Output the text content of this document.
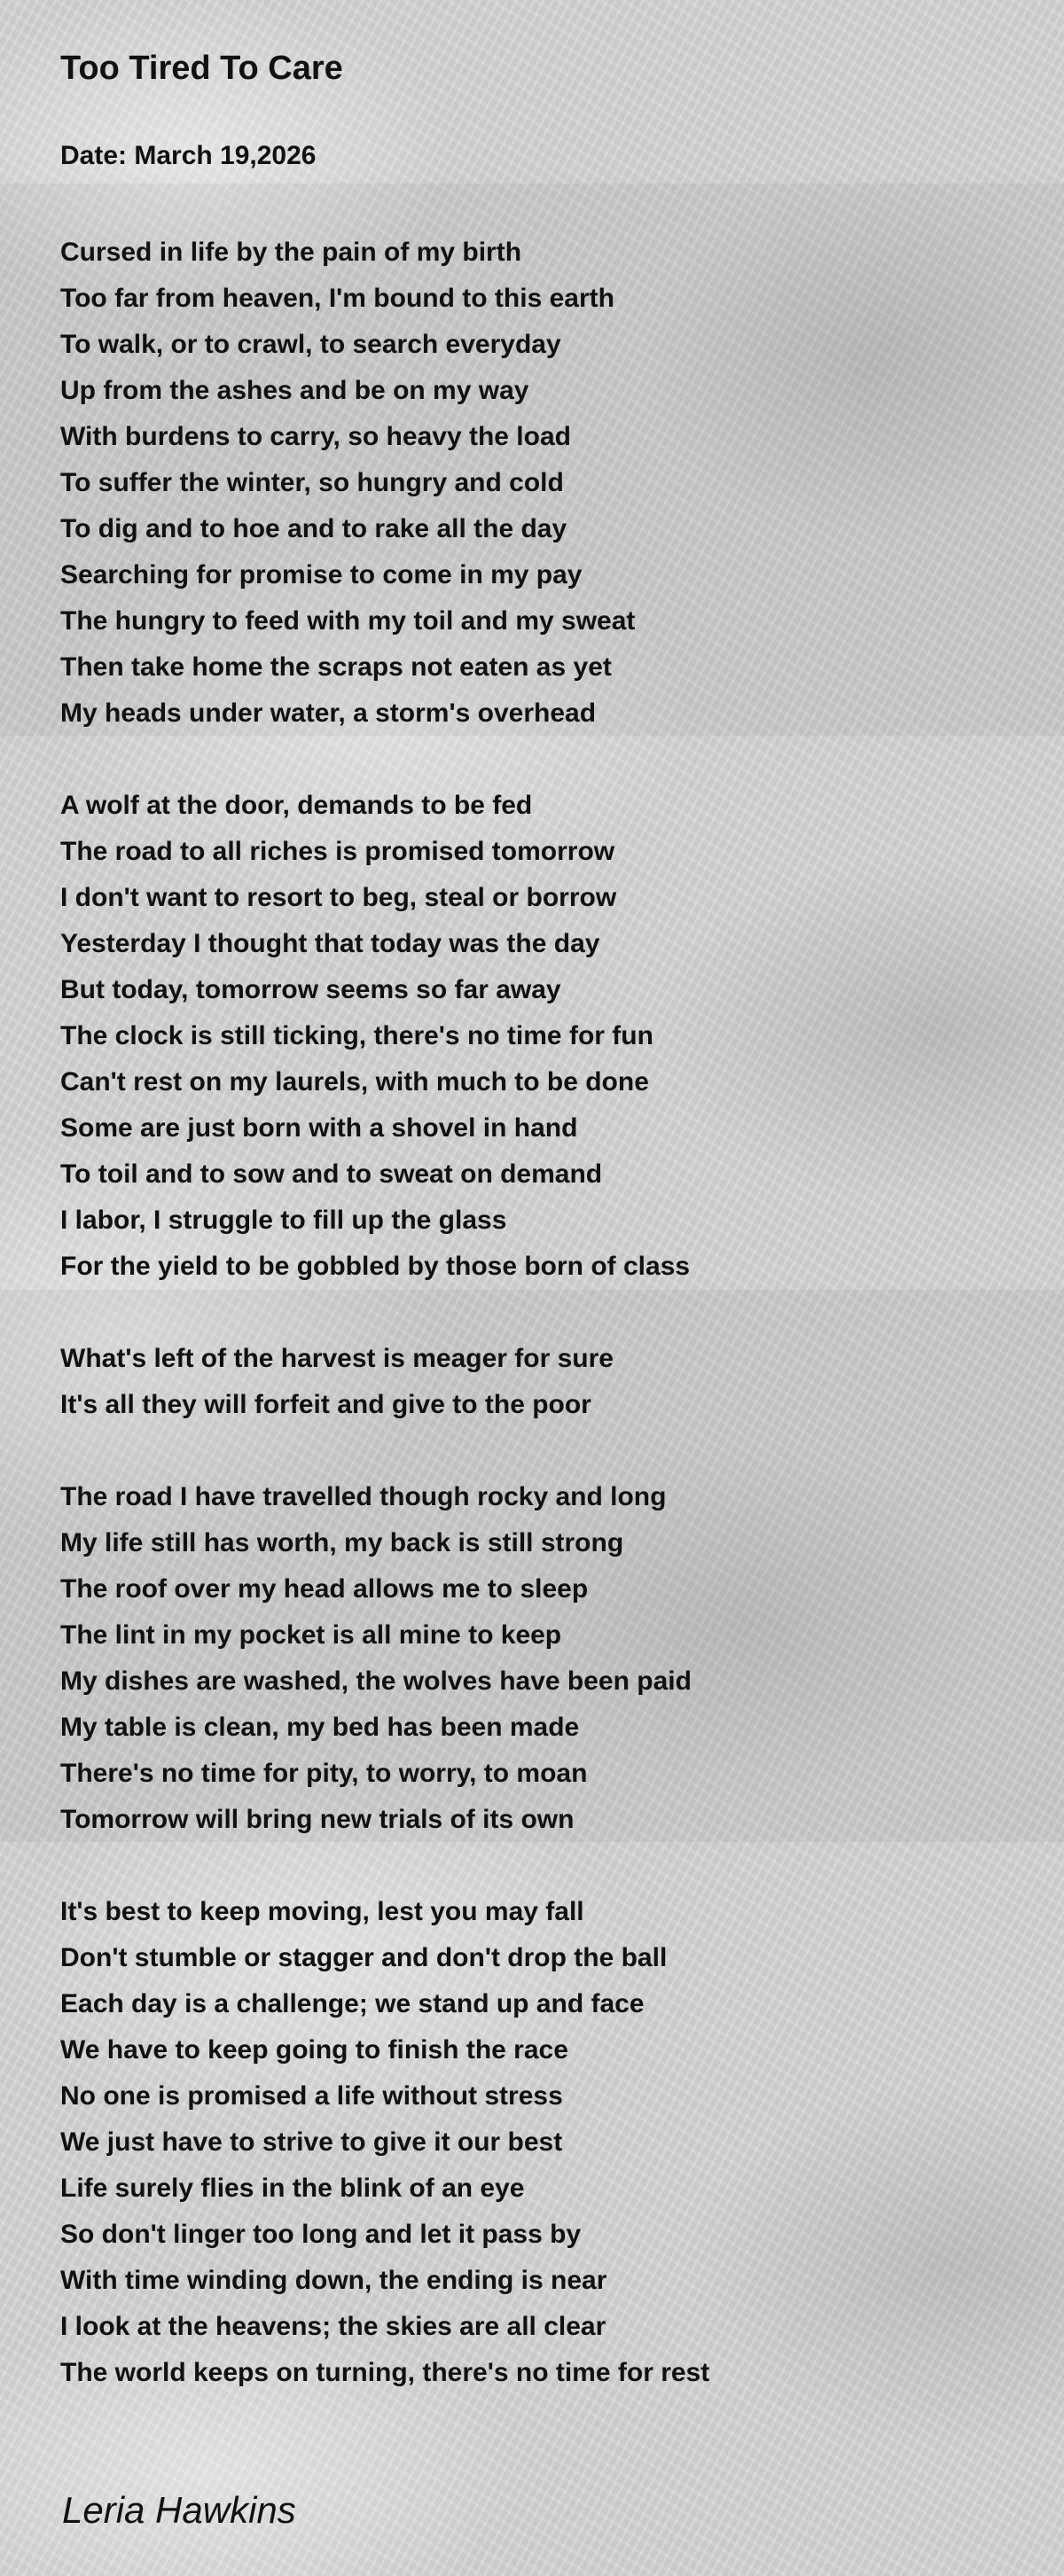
Too Tired To Care
Date: March 19,2026
Cursed in life by the pain of my birth
Too far from heaven, I'm bound to this earth
To walk, or to crawl, to search everyday
Up from the ashes and be on my way
With burdens to carry, so heavy the load
To suffer the winter, so hungry and cold
To dig and to hoe and to rake all the day
Searching for promise to come in my pay
The hungry to feed with my toil and my sweat
Then take home the scraps not eaten as yet
My heads under water, a storm's overhead
A wolf at the door, demands to be fed
The road to all riches is promised tomorrow
I don't want to resort to beg, steal or borrow
Yesterday I thought that today was the day
But today, tomorrow seems so far away
The clock is still ticking, there's no time for fun
Can't rest on my laurels, with much to be done
Some are just born with a shovel in hand
To toil and to sow and to sweat on demand
I labor, I struggle to fill up the glass
For the yield to be gobbled by those born of class
What's left of the harvest is meager for sure
It's all they will forfeit and give to the poor
The road I have travelled though rocky and long
My life still has worth, my back is still strong
The roof over my head allows me to sleep
The lint in my pocket is all mine to keep
My dishes are washed, the wolves have been paid
My table is clean, my bed has been made
There's no time for pity, to worry, to moan
Tomorrow will bring new trials of its own
It's best to keep moving, lest you may fall
Don't stumble or stagger and don't drop the ball
Each day is a challenge; we stand up and face
We have to keep going to finish the race
No one is promised a life without stress
We just have to strive to give it our best
Life surely flies in the blink of an eye
So don't linger too long and let it pass by
With time winding down, the ending is near
I look at the heavens; the skies are all clear
The world keeps on turning, there's no time for rest
Leria Hawkins
